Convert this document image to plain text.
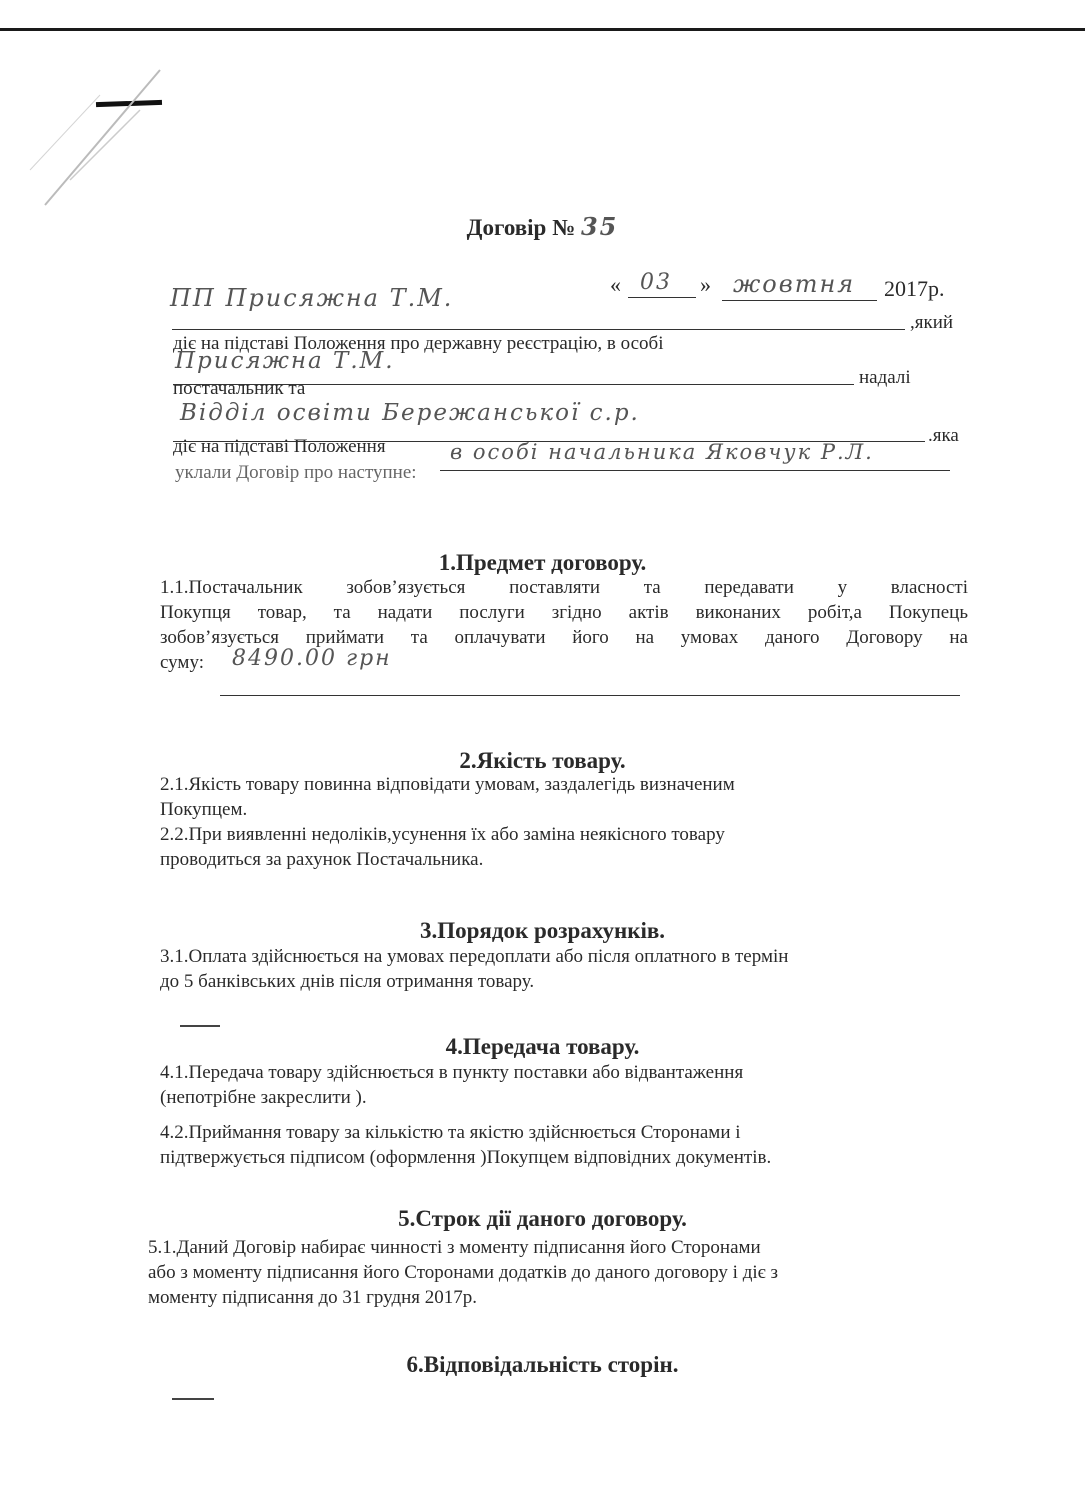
Договір № 35
« 03 » жовтня 2017р.
ПП Присяжна Т.М.
,який
діє на підставі Положення про державну реєстрацію, в особі
Присяжна Т.М.
надалі
постачальник та
Відділ освіти Бережанської с.р.
.яка
діє на підставі Положення	в особі начальника Яковчук Р.Л.
уклали Договір про наступне:
1.Предмет договору.
1.1.Постачальник зобов’язується поставляти та передавати у власності
Покупця товар, та надати послуги згідно актів виконаних робіт,а Покупець
зобов’язується приймати та оплачувати його на умовах даного Договору на
суму: 8490.00 грн
2.Якість товару.
2.1.Якість товару повинна відповідати умовам, заздалегідь визначеним
Покупцем.
2.2.При виявленні недоліків,усунення їх або заміна неякісного товару
проводиться за рахунок Постачальника.
3.Порядок розрахунків.
3.1.Оплата здійснюється на умовах передоплати або після оплатного в термін
до 5 банківських днів після отримання товару.
4.Передача товару.
4.1.Передача товару здійснюється в пункту поставки або відвантаження
(непотрібне закреслити ).
4.2.Приймання товару за кількістю та якістю здійснюється Сторонами і
підтвержується підписом (оформлення )Покупцем відповідних документів.
5.Строк дії даного договору.
5.1.Даний Договір набирає чинності з моменту підписання його Сторонами
або з моменту підписання його Сторонами додатків до даного договору і діє з
моменту підписання до 31 грудня 2017р.
6.Відповідальність сторін.
